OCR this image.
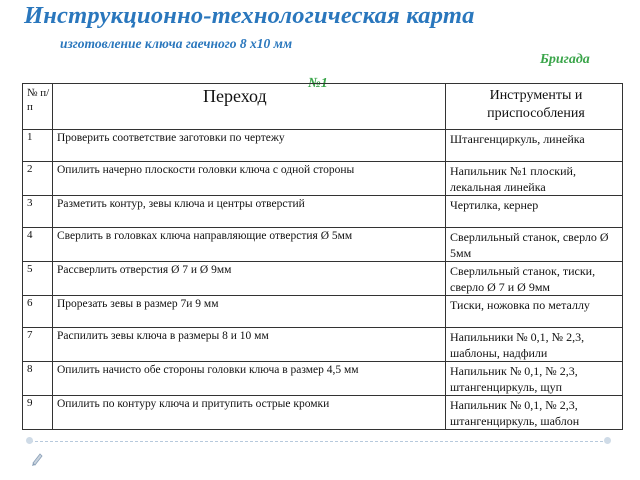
Инструкционно-технологическая карта
изготовление ключа гаечного 8 х10 мм
Бригада
№1
№ п/п	Переход	Инструменты и приспособления
1	Проверить соответствие заготовки по чертежу	Штангенциркуль, линейка
2	Опилить начерно плоскости головки ключа с одной стороны	Напильник №1 плоский, лекальная линейка
3	Разметить контур, зевы ключа и центры отверстий	Чертилка, кернер
4	Сверлить в головках ключа направляющие отверстия Ø 5мм	Сверлильный станок, сверло Ø 5мм
5	Рассверлить отверстия Ø 7 и Ø 9мм	Сверлильный станок, тиски, сверло Ø 7 и Ø 9мм
6	Прорезать зевы в размер 7и 9 мм	Тиски, ножовка по металлу
7	Распилить зевы ключа в размеры 8 и 10 мм	Напильники № 0,1, № 2,3, шаблоны, надфили
8	Опилить начисто обе стороны головки ключа в размер 4,5 мм	Напильник № 0,1, № 2,3, штангенциркуль, щуп
9	Опилить по контуру ключа и притупить острые кромки	Напильник № 0,1, № 2,3, штангенциркуль, шаблон
